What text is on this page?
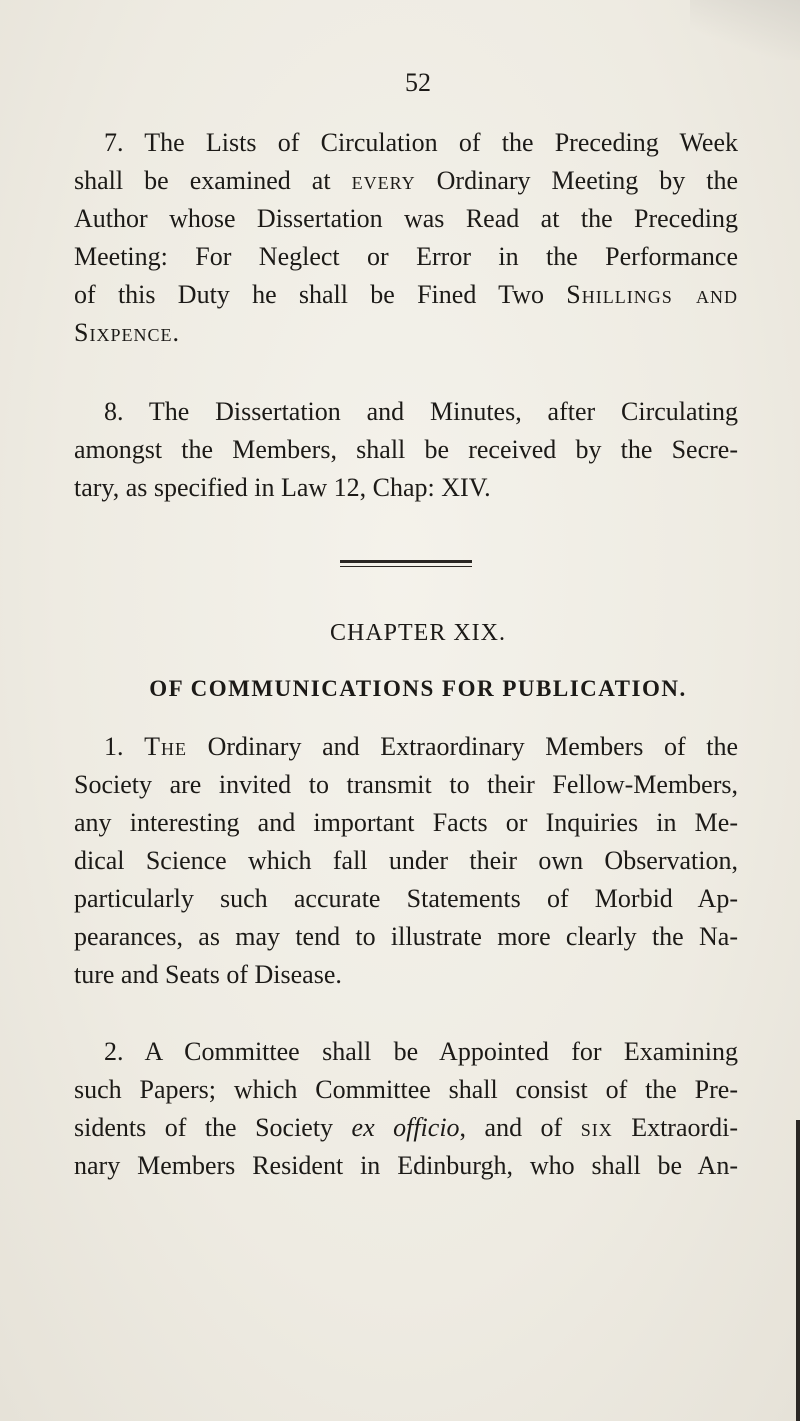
52
7. The Lists of Circulation of the Preceding Week
shall be examined at every Ordinary Meeting by the
Author whose Dissertation was Read at the Preceding
Meeting: For Neglect or Error in the Performance
of this Duty he shall be Fined Two Shillings and
Sixpence.
8. The Dissertation and Minutes, after Circulating
amongst the Members, shall be received by the Secre-
tary, as specified in Law 12, Chap: XIV.
CHAPTER XIX.
OF COMMUNICATIONS FOR PUBLICATION.
1. The Ordinary and Extraordinary Members of the
Society are invited to transmit to their Fellow-Members,
any interesting and important Facts or Inquiries in Me-
dical Science which fall under their own Observation,
particularly such accurate Statements of Morbid Ap-
pearances, as may tend to illustrate more clearly the Na-
ture and Seats of Disease.
2. A Committee shall be Appointed for Examining
such Papers; which Committee shall consist of the Pre-
sidents of the Society ex officio, and of six Extraordi-
nary Members Resident in Edinburgh, who shall be An-
